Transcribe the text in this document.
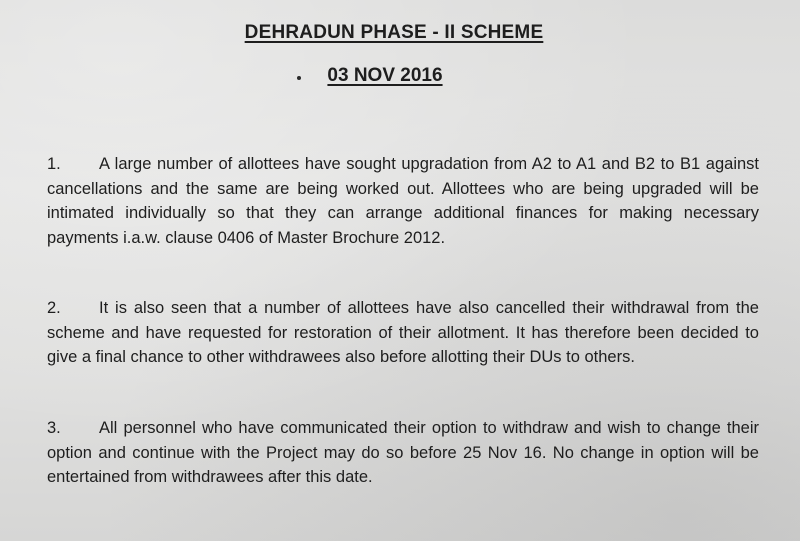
DEHRADUN PHASE - II SCHEME
03 NOV 2016

1. A large number of allottees have sought upgradation from A2 to A1 and B2 to B1 against cancellations and the same are being worked out. Allottees who are being upgraded will be intimated individually so that they can arrange additional finances for making necessary payments i.a.w. clause 0406 of Master Brochure 2012.

2. It is also seen that a number of allottees have also cancelled their withdrawal from the scheme and have requested for restoration of their allotment. It has therefore been decided to give a final chance to other withdrawees also before allotting their DUs to others.

3. All personnel who have communicated their option to withdraw and wish to change their option and continue with the Project may do so before 25 Nov 16. No change in option will be entertained from withdrawees after this date.
